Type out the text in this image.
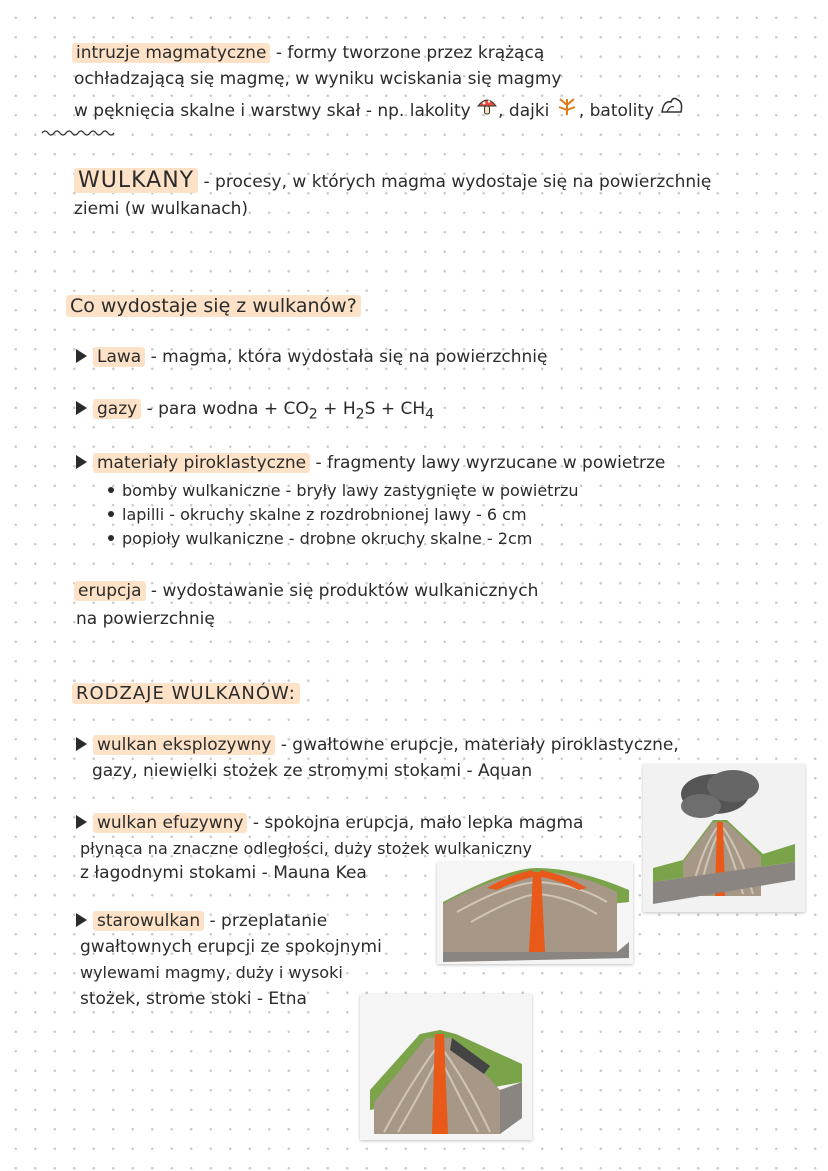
intruzje magmatyczne - formy tworzone przez krążącą
ochładzającą się magmę, w wyniku wciskania się magmy
w pęknięcia skalne i warstwy skał - np. lakolity , dajki , batolity
WULKANY - procesy, w których magma wydostaje się na powierzchnię
ziemi (w wulkanach)
Co wydostaje się z wulkanów?
Lawa - magma, która wydostała się na powierzchnię
gazy - para wodna + $CO_2 + H_2S + CH_4$
materiały piroklastyczne - fragmenty lawy wyrzucane w powietrze
bomby wulkaniczne - bryły lawy zastygnięte w powietrzu
lapilli - okruchy skalne z rozdrobnionej lawy - 6 cm
popioły wulkaniczne - drobne okruchy skalne - 2cm
erupcja - wydostawanie się produktów wulkanicznych
na powierzchnię
RODZAJE WULKANÓW:
wulkan eksplozywny - gwałtowne erupcje, materiały piroklastyczne,
gazy, niewielki stożek ze stromymi stokami - Aquan
wulkan efuzywny - spokojna erupcja, mało lepka magma
płynąca na znaczne odległości, duży stożek wulkaniczny
z łagodnymi stokami - Mauna Kea
starowulkan - przeplatanie
gwałtownych erupcji ze spokojnymi
wylewami magmy, duży i wysoki
stożek, strome stoki - Etna
